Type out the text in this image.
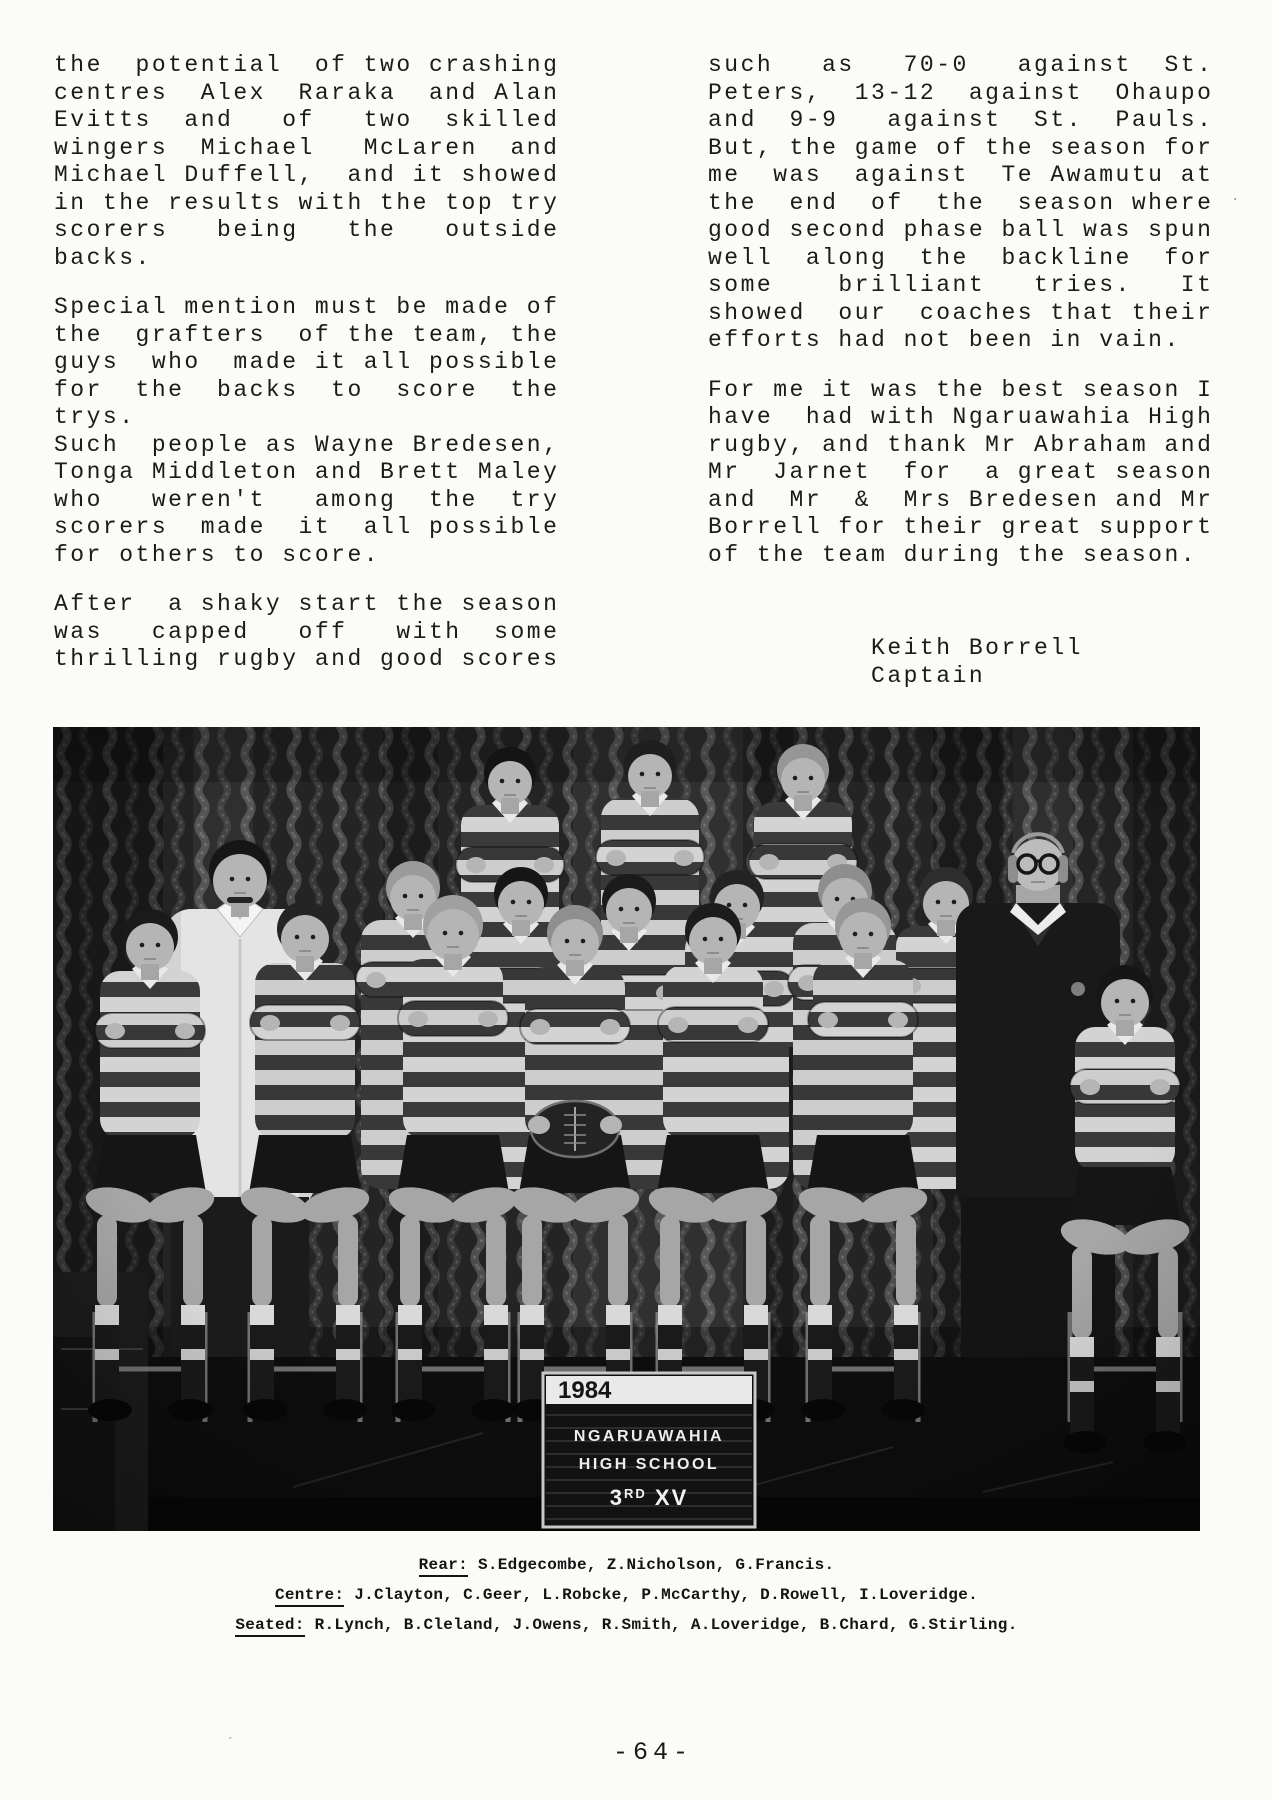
the  potential  of two crashing
centres  Alex  Raraka  and Alan
Evitts  and   of   two  skilled
wingers  Michael   McLaren  and
Michael Duffell,  and it showed
in the results with the top try
scorers   being   the   outside
backs.
Special mention must be made of
the  grafters  of the team, the
guys  who  made it all possible
for  the  backs  to  score  the
trys.
Such  people as Wayne Bredesen,
Tonga Middleton and Brett Maley
who   weren't   among  the  try
scorers  made  it  all possible
for others to score.
After  a shaky start the season
was   capped   off   with  some
thrilling rugby and good scores
such   as   70-0   against  St.
Peters,  13-12  against  Ohaupo
and  9-9   against  St.  Pauls.
But, the game of the season for
me  was  against  Te Awamutu at
the  end  of  the  season where
good second phase ball was spun
well  along  the  backline  for
some    brilliant   tries.   It
showed  our  coaches that their
efforts had not been in vain.
For me it was the best season I
have  had with Ngaruawahia High
rugby, and thank Mr Abraham and
Mr  Jarnet  for  a great season
and  Mr  &  Mrs Bredesen and Mr
Borrell for their great support
of the team during the season.
Keith Borrell
Captain
1984
NGARUAWAHIA
HIGH SCHOOL
3RD XV
Rear: S.Edgecombe, Z.Nicholson, G.Francis.
Centre: J.Clayton, C.Geer, L.Robcke, P.McCarthy, D.Rowell, I.Loveridge.
Seated: R.Lynch, B.Cleland, J.Owens, R.Smith, A.Loveridge, B.Chard, G.Stirling.
-64-
·
´
